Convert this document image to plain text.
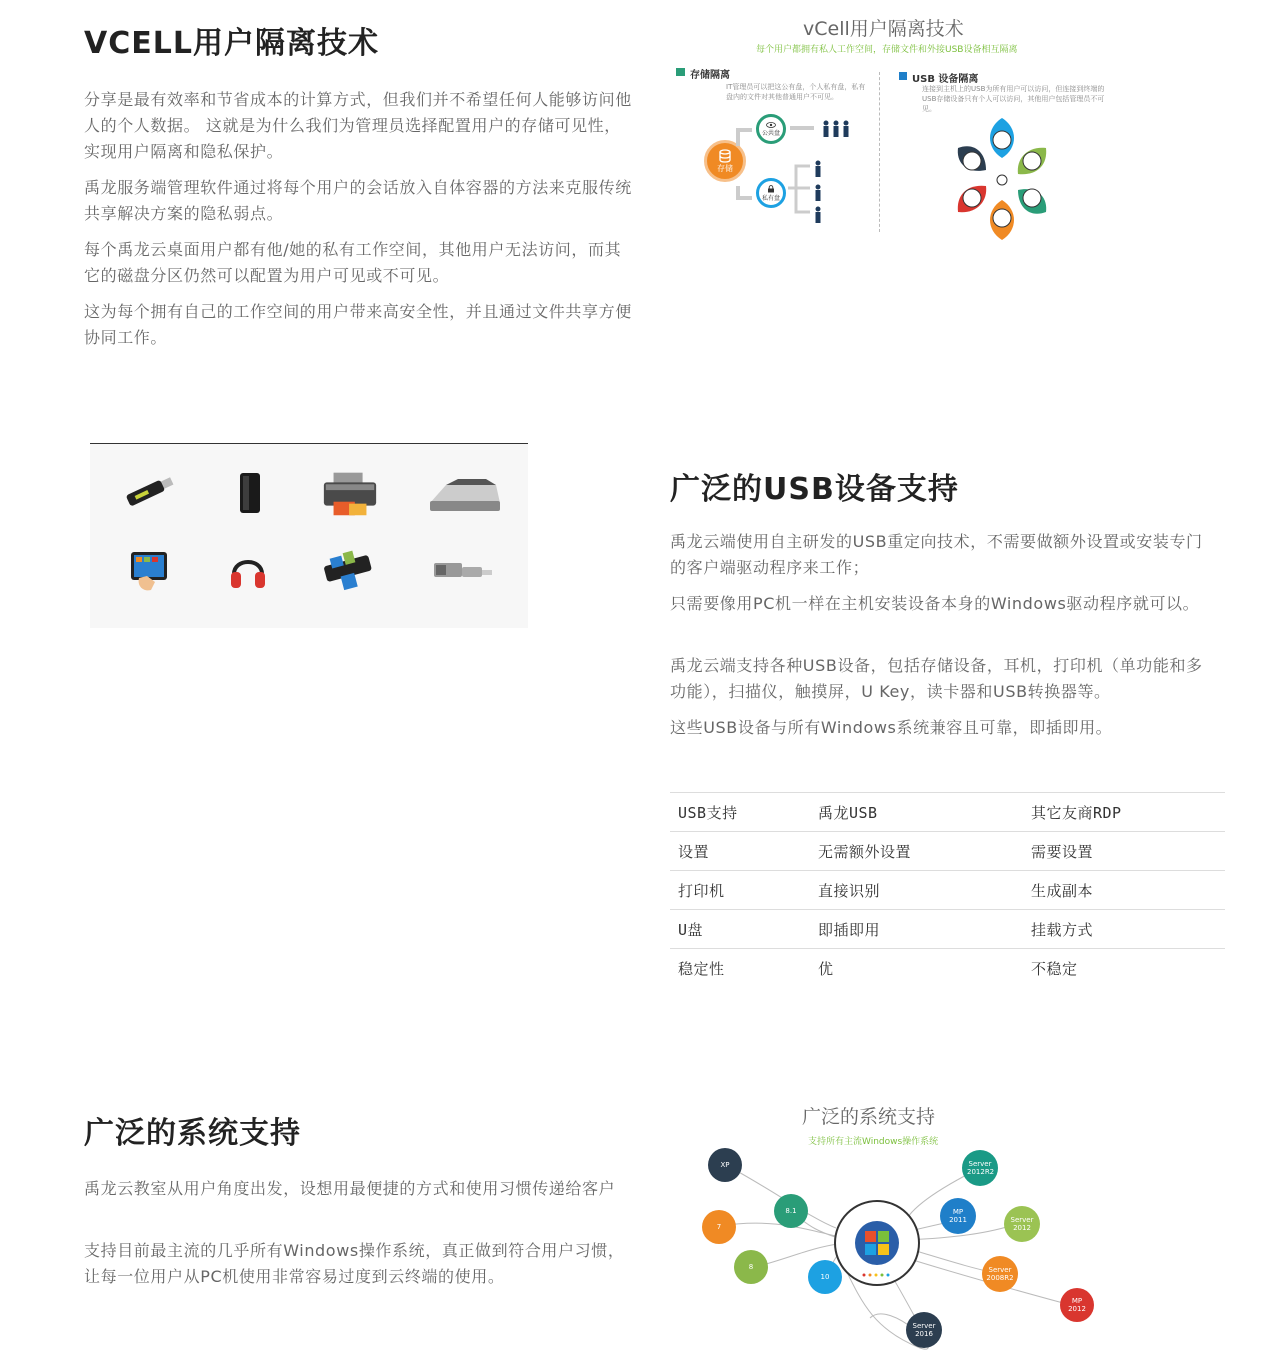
VCELL用户隔离技术

分享是最有效率和节省成本的计算方式，但我们并不希望任何人能够访问他人的个人数据。 这就是为什么我们为管理员选择配置用户的存储可见性，实现用户隔离和隐私保护。

禹龙服务端管理软件通过将每个用户的会话放入自体容器的方法来克服传统共享解决方案的隐私弱点。

每个禹龙云桌面用户都有他/她的私有工作空间，其他用户无法访问，而其它的磁盘分区仍然可以配置为用户可见或不可见。

这为每个拥有自己的工作空间的用户带来高安全性，并且通过文件共享方便协同工作。

vCell用户隔离技术
每个用户都拥有私人工作空间，存储文件和外接USB设备相互隔离
存储隔离
IT管理员可以把这公有盘，个人私有盘，私有盘内的文件对其他普通用户不可见。
存储
公共盘
私有盘
USB 设备隔离
连接到主机上的USB为所有用户可以访问，但连接到终端的USB存储设备只有个人可以访问，其他用户包括管理员不可见。
广泛的USB设备支持

禹龙云端使用自主研发的USB重定向技术，不需要做额外设置或安装专门的客户端驱动程序来工作；

只需要像用PC机一样在主机安装设备本身的Windows驱动程序就可以。

禹龙云端支持各种USB设备，包括存储设备，耳机，打印机（单功能和多功能），扫描仪，触摸屏，U Key，读卡器和USB转换器等。

这些USB设备与所有Windows系统兼容且可靠，即插即用。

USB支持	禹龙USB	其它友商RDP
设置	无需额外设置	需要设置
打印机	直接识别	生成副本
U盘	即插即用	挂载方式
稳定性	优	不稳定
广泛的系统支持

禹龙云教室从用户角度出发，设想用最便捷的方式和使用习惯传递给客户

支持目前最主流的几乎所有Windows操作系统，真正做到符合用户习惯，让每一位用户从PC机使用非常容易过度到云终端的使用。

广泛的系统支持
支持所有主流Windows操作系统
XP
7
8.1
8
10
Server 2012R2
MP 2011	Server 2012
Server 2008R2
MP 2012
Server 2016
